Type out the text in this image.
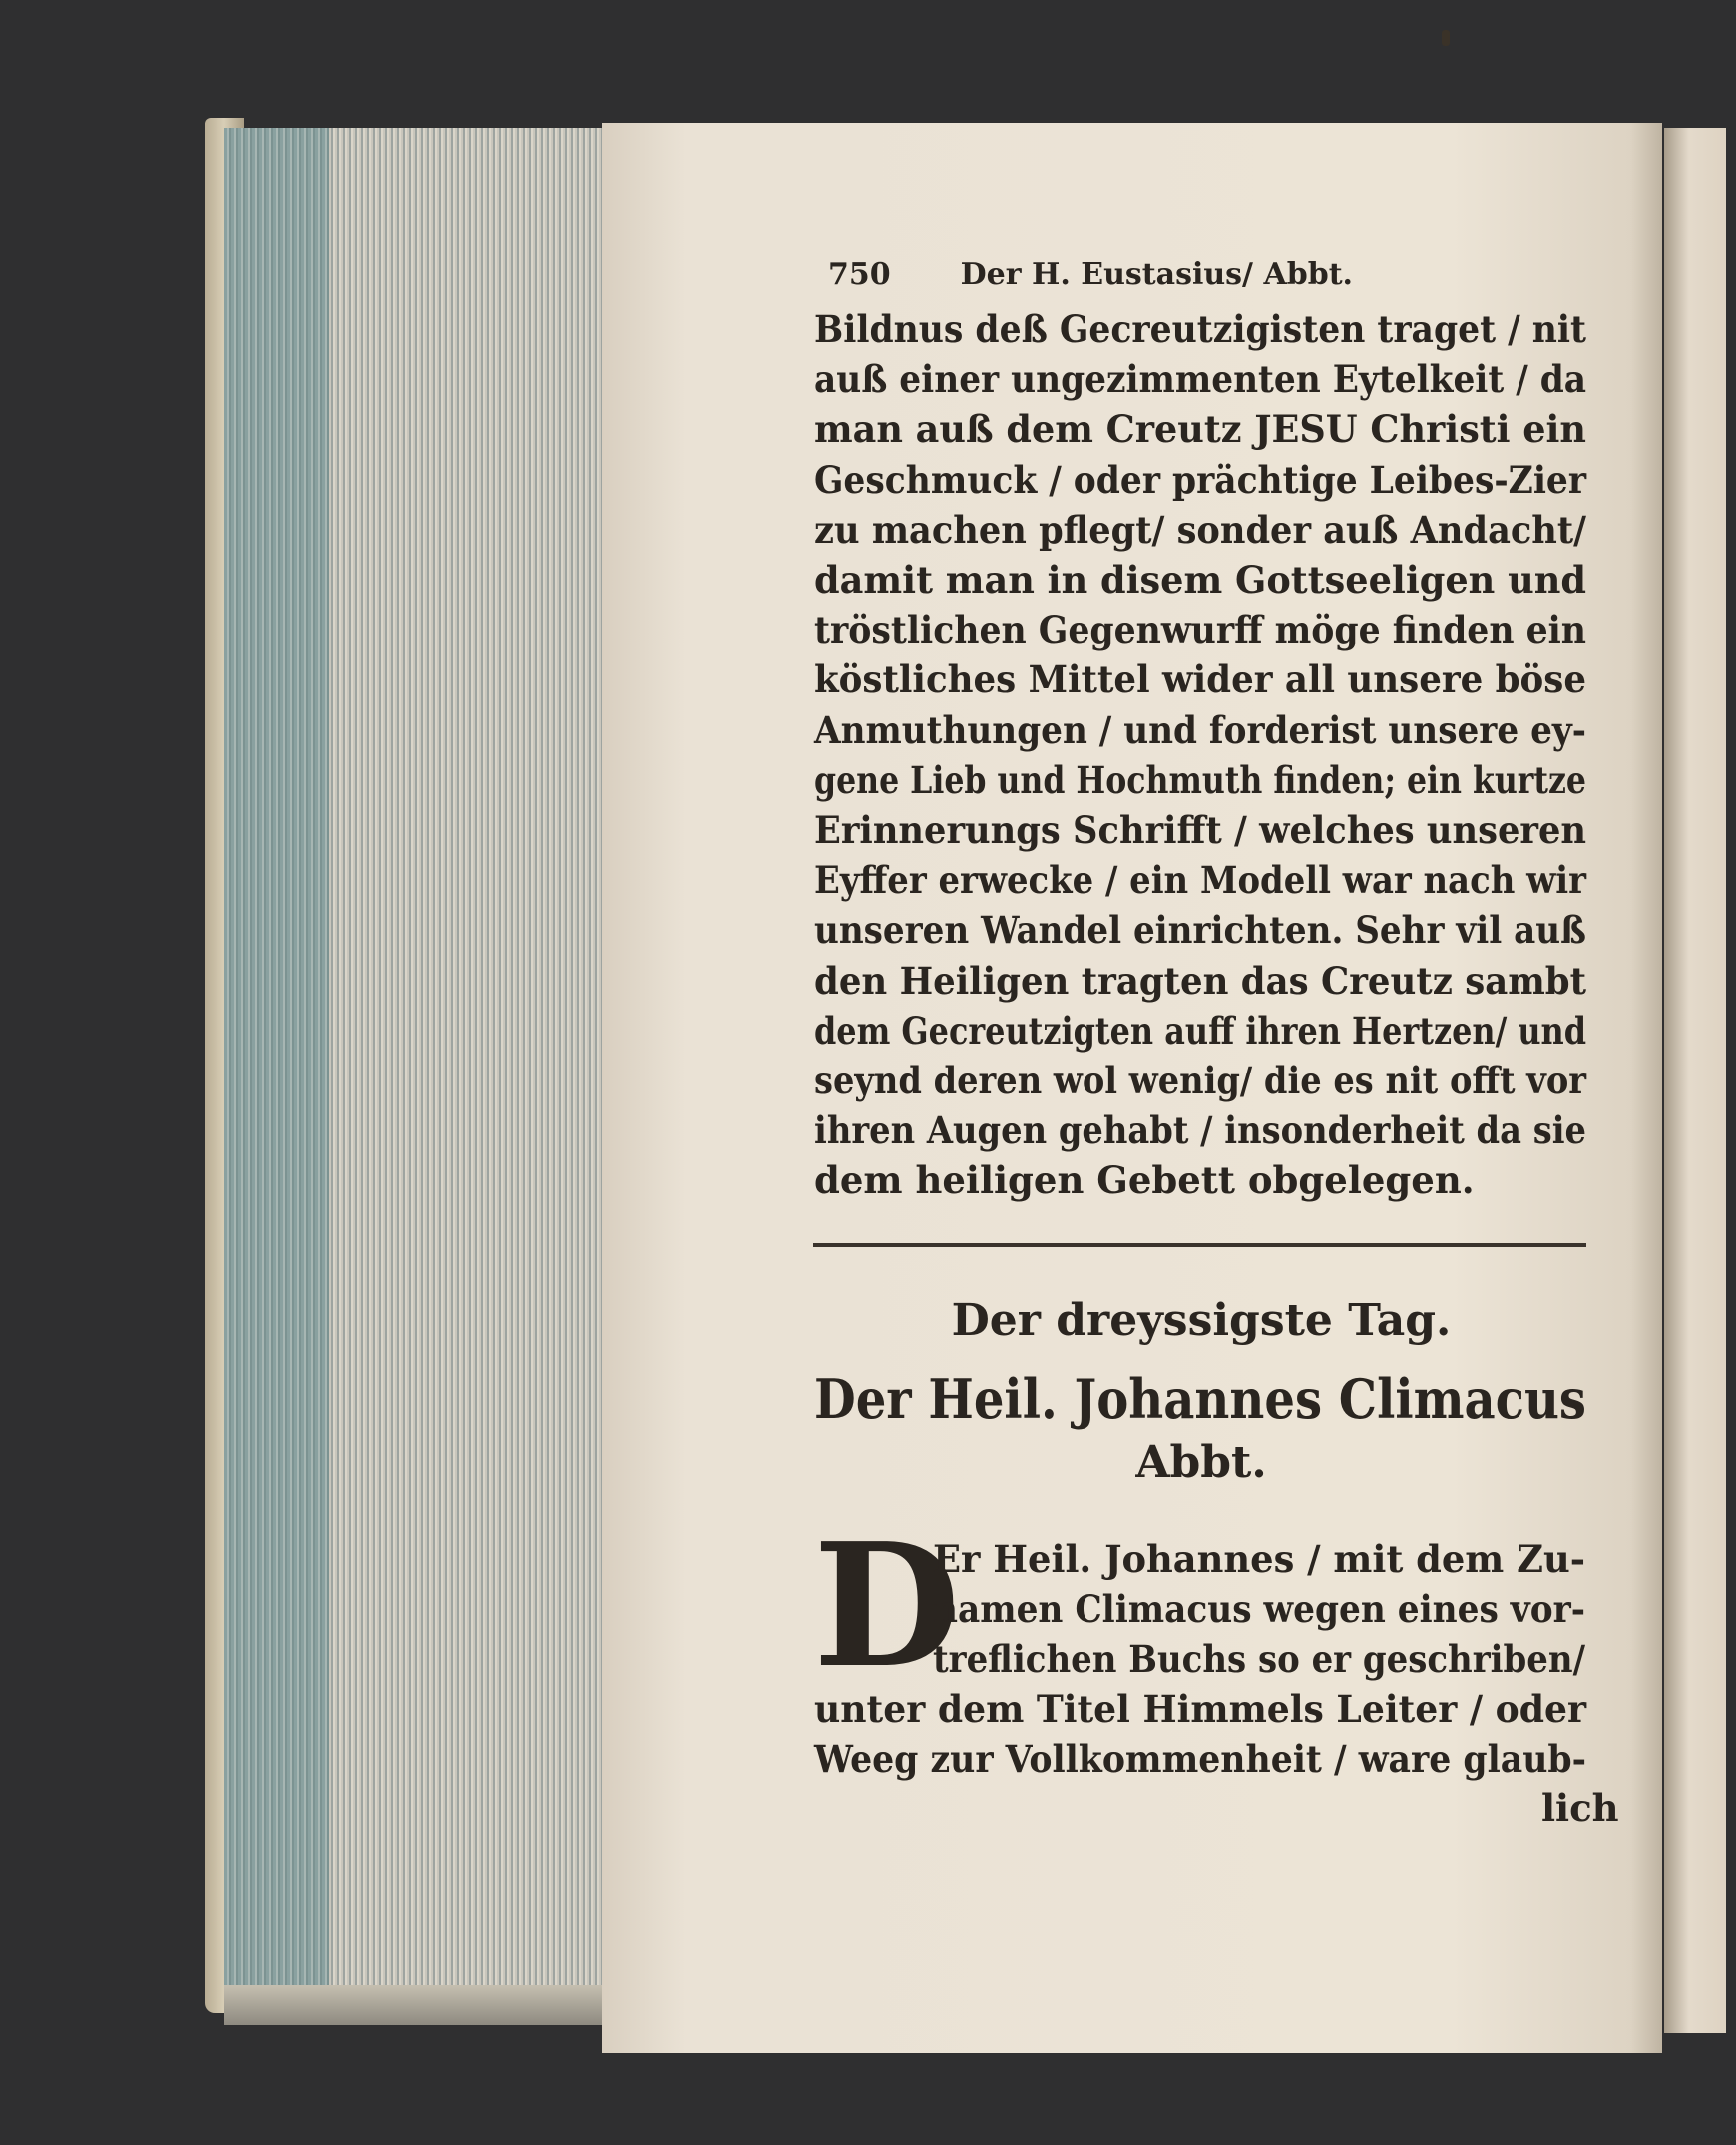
750 Der H. Eustasius/ Abbt.
Bildnus deß Gecreutzigisten traget / nit
auß einer ungezimmenten Eytelkeit / da
man auß dem Creutz JESU Christi ein
Geschmuck / oder prächtige Leibes-Zier
zu machen pflegt/ sonder auß Andacht/
damit man in disem Gottseeligen und
tröstlichen Gegenwurff möge finden ein
köstliches Mittel wider all unsere böse
Anmuthungen / und forderist unsere ey-
gene Lieb und Hochmuth finden; ein kurtze
Erinnerungs Schrifft / welches unseren
Eyffer erwecke / ein Modell war nach wir
unseren Wandel einrichten. Sehr vil auß
den Heiligen tragten das Creutz sambt
dem Gecreutzigten auff ihren Hertzen/ und
seynd deren wol wenig/ die es nit offt vor
ihren Augen gehabt / insonderheit da sie
dem heiligen Gebett obgelegen.
Der dreyssigste Tag.
Der Heil. Johannes Climacus
Abbt.
D
Er Heil. Johannes / mit dem Zu-
namen Climacus wegen eines vor-
treflichen Buchs so er geschriben/
unter dem Titel Himmels Leiter / oder
Weeg zur Vollkommenheit / ware glaub-
lich
